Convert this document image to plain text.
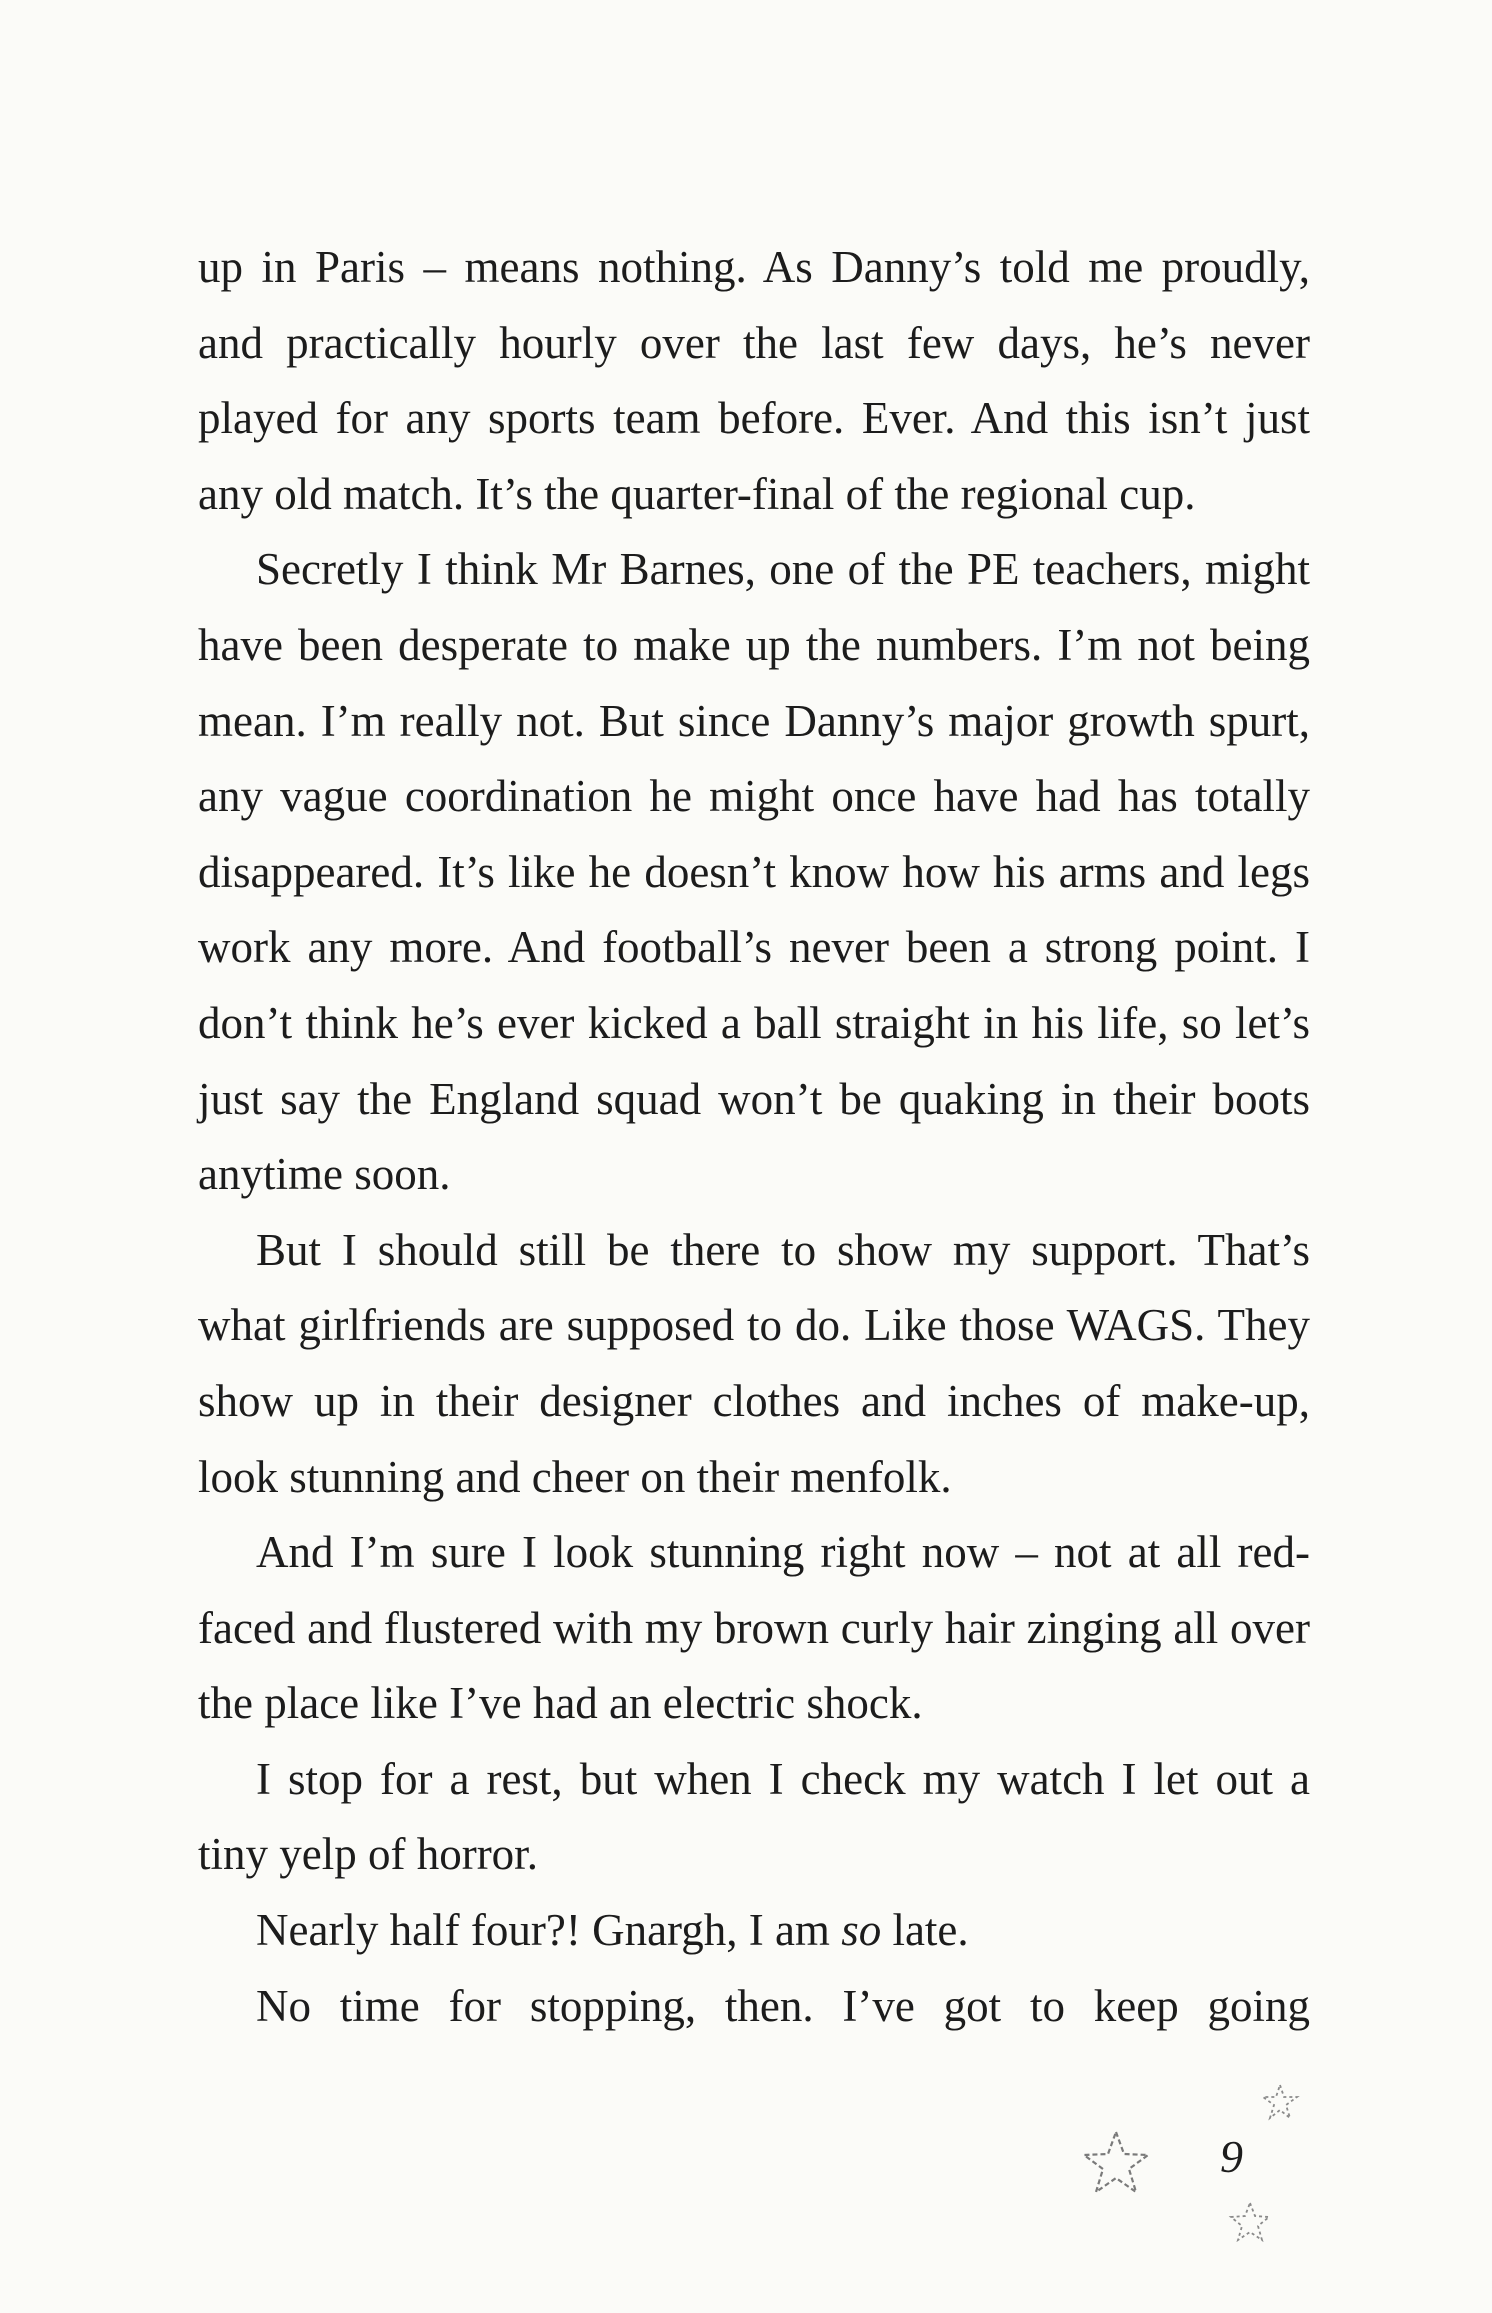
up in Paris – means nothing. As Danny’s told me proudly, and practically hourly over the last few days, he’s never played for any sports team before. Ever. And this isn’t just any old match. It’s the quarter-final of the regional cup.

Secretly I think Mr Barnes, one of the PE teachers, might have been desperate to make up the numbers. I’m not being mean. I’m really not. But since Danny’s major growth spurt, any vague coordination he might once have had has totally disappeared. It’s like he doesn’t know how his arms and legs work any more. And football’s never been a strong point. I don’t think he’s ever kicked a ball straight in his life, so let’s just say the England squad won’t be quaking in their boots anytime soon.

But I should still be there to show my support. That’s what girlfriends are supposed to do. Like those WAGS. They show up in their designer clothes and inches of make-up, look stunning and cheer on their menfolk.

And I’m sure I look stunning right now – not at all red-faced and flustered with my brown curly hair zinging all over the place like I’ve had an electric shock.

I stop for a rest, but when I check my watch I let out a tiny yelp of horror.

Nearly half four?! Gnargh, I am so late.

No time for stopping, then. I’ve got to keep going

9
